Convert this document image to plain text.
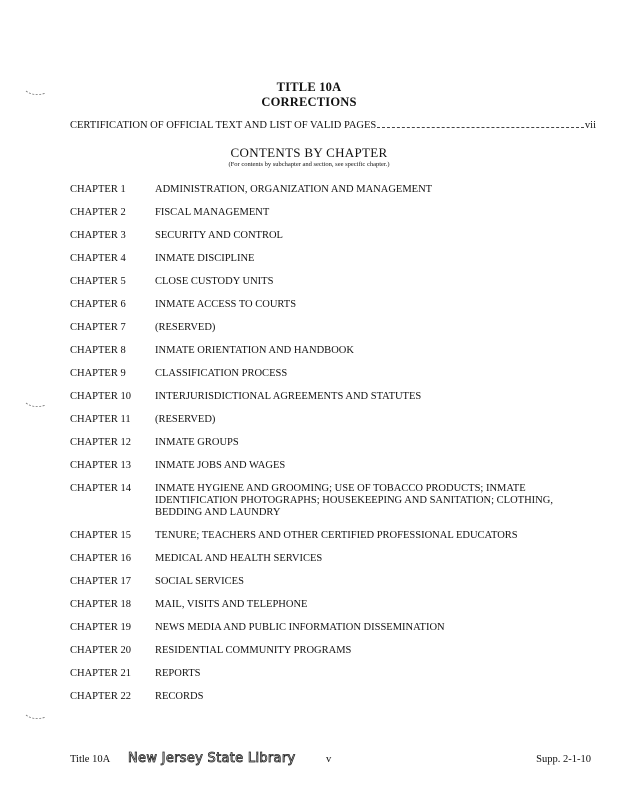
TITLE 10A
CORRECTIONS
CERTIFICATION OF OFFICIAL TEXT AND LIST OF VALID PAGES	vii
CONTENTS BY CHAPTER
(For contents by subchapter and section, see specific chapter.)
CHAPTER 1	ADMINISTRATION, ORGANIZATION AND MANAGEMENT
CHAPTER 2	FISCAL MANAGEMENT
CHAPTER 3	SECURITY AND CONTROL
CHAPTER 4	INMATE DISCIPLINE
CHAPTER 5	CLOSE CUSTODY UNITS
CHAPTER 6	INMATE ACCESS TO COURTS
CHAPTER 7	(RESERVED)
CHAPTER 8	INMATE ORIENTATION AND HANDBOOK
CHAPTER 9	CLASSIFICATION PROCESS
CHAPTER 10	INTERJURISDICTIONAL AGREEMENTS AND STATUTES
CHAPTER 11	(RESERVED)
CHAPTER 12	INMATE GROUPS
CHAPTER 13	INMATE JOBS AND WAGES
CHAPTER 14	INMATE HYGIENE AND GROOMING; USE OF TOBACCO PRODUCTS; INMATE IDENTIFICATION PHOTOGRAPHS; HOUSEKEEPING AND SANITATION; CLOTHING, BEDDING AND LAUNDRY
CHAPTER 15	TENURE; TEACHERS AND OTHER CERTIFIED PROFESSIONAL EDUCATORS
CHAPTER 16	MEDICAL AND HEALTH SERVICES
CHAPTER 17	SOCIAL SERVICES
CHAPTER 18	MAIL, VISITS AND TELEPHONE
CHAPTER 19	NEWS MEDIA AND PUBLIC INFORMATION DISSEMINATION
CHAPTER 20	RESIDENTIAL COMMUNITY PROGRAMS
CHAPTER 21	REPORTS
CHAPTER 22	RECORDS
Title 10A New Jersey State Library	v	Supp. 2-1-10
